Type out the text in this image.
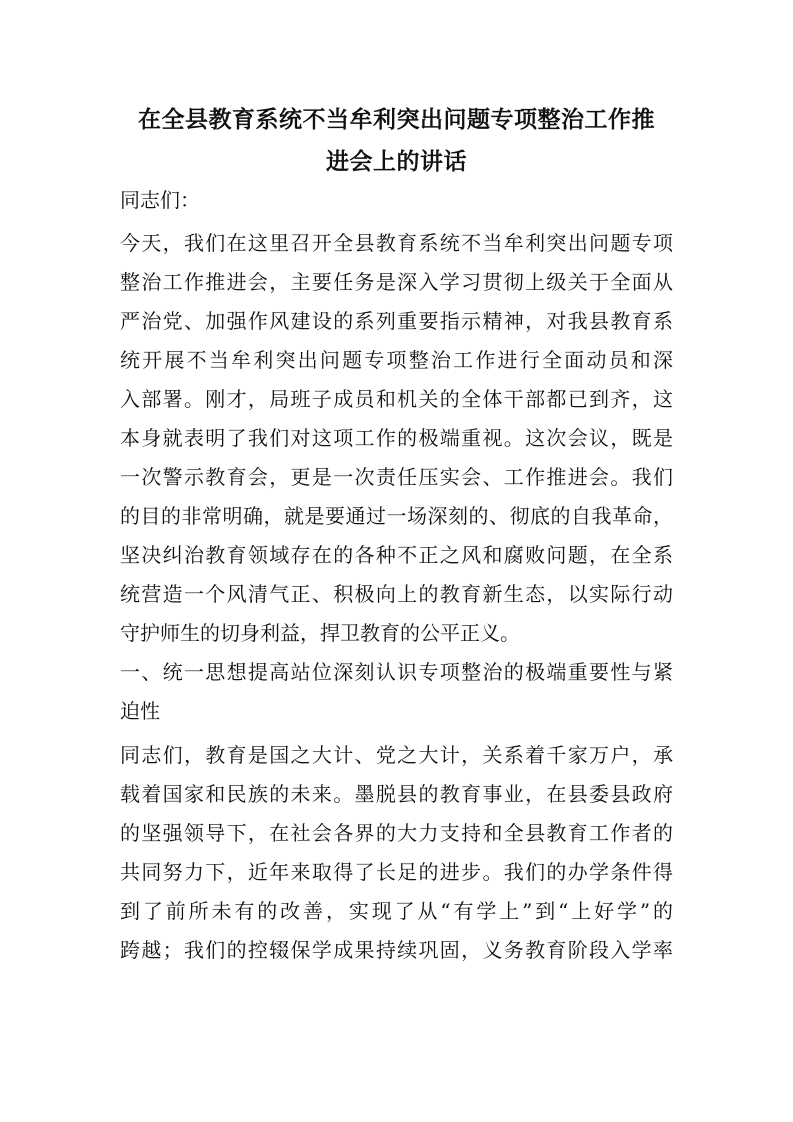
在全县教育系统不当牟利突出问题专项整治工作推
进会上的讲话
同志们：
今天，我们在这里召开全县教育系统不当牟利突出问题专项
整治工作推进会，主要任务是深入学习贯彻上级关于全面从
严治党、加强作风建设的系列重要指示精神，对我县教育系
统开展不当牟利突出问题专项整治工作进行全面动员和深
入部署。刚才，局班子成员和机关的全体干部都已到齐，这
本身就表明了我们对这项工作的极端重视。这次会议，既是
一次警示教育会，更是一次责任压实会、工作推进会。我们
的目的非常明确，就是要通过一场深刻的、彻底的自我革命，
坚决纠治教育领域存在的各种不正之风和腐败问题，在全系
统营造一个风清气正、积极向上的教育新生态，以实际行动
守护师生的切身利益，捍卫教育的公平正义。
一、统一思想提高站位深刻认识专项整治的极端重要性与紧
迫性
同志们，教育是国之大计、党之大计，关系着千家万户，承
载着国家和民族的未来。墨脱县的教育事业，在县委县政府
的坚强领导下，在社会各界的大力支持和全县教育工作者的
共同努力下，近年来取得了长足的进步。我们的办学条件得
到了前所未有的改善，实现了从“有学上”到“上好学”的
跨越；我们的控辍保学成果持续巩固，义务教育阶段入学率
